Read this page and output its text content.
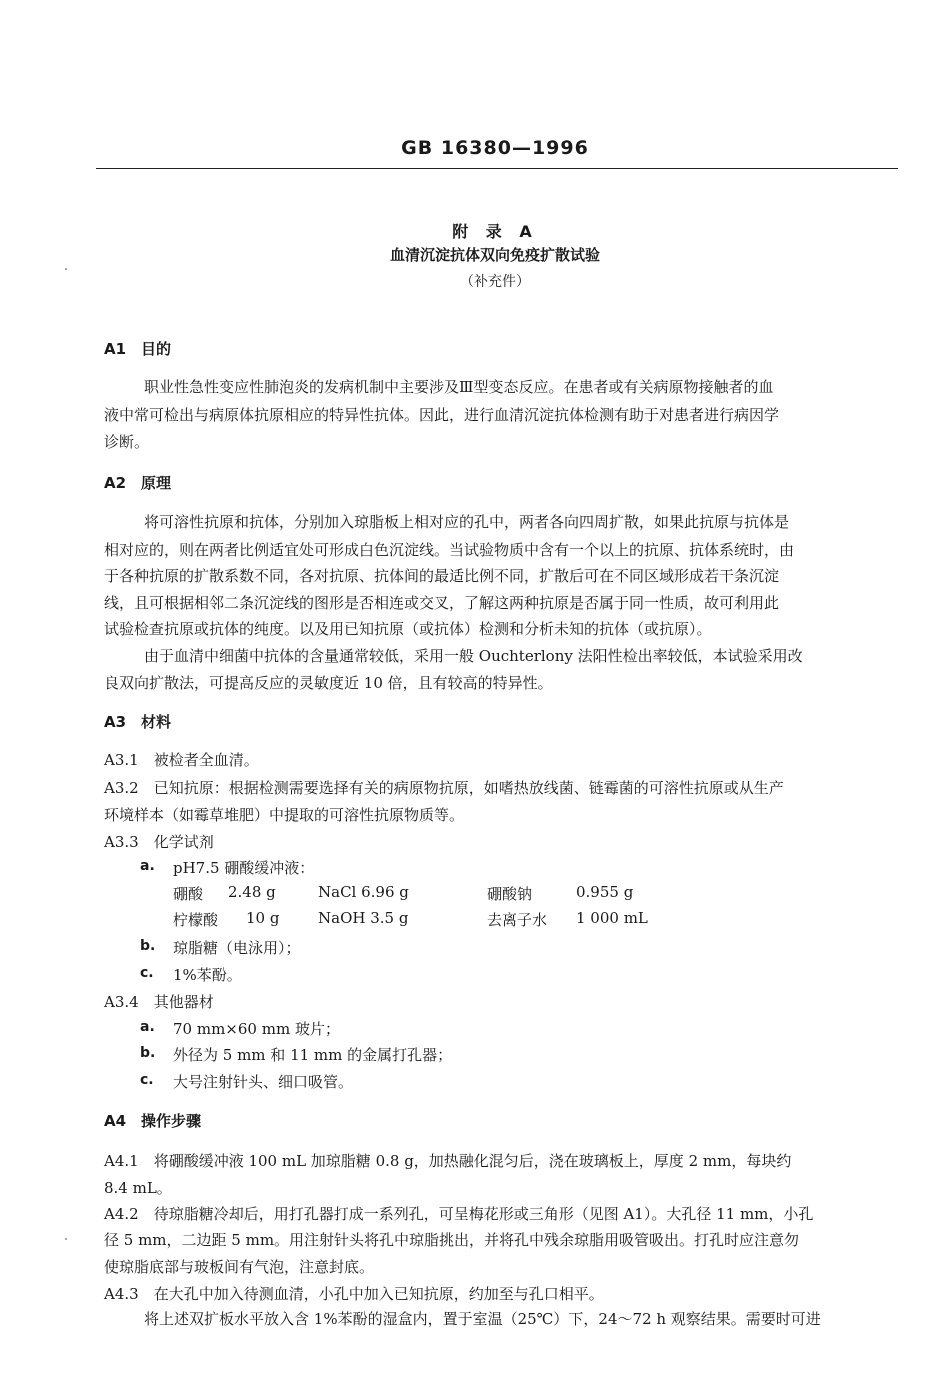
GB 16380—1996
附 录 A
血清沉淀抗体双向免疫扩散试验
（补充件）
A1　目的
职业性急性变应性肺泡炎的发病机制中主要涉及Ⅲ型变态反应。在患者或有关病原物接触者的血
液中常可检出与病原体抗原相应的特异性抗体。因此，进行血清沉淀抗体检测有助于对患者进行病因学
诊断。
A2　原理
将可溶性抗原和抗体，分别加入琼脂板上相对应的孔中，两者各向四周扩散，如果此抗原与抗体是
相对应的，则在两者比例适宜处可形成白色沉淀线。当试验物质中含有一个以上的抗原、抗体系统时，由
于各种抗原的扩散系数不同，各对抗原、抗体间的最适比例不同，扩散后可在不同区域形成若干条沉淀
线，且可根据相邻二条沉淀线的图形是否相连或交叉，了解这两种抗原是否属于同一性质，故可利用此
试验检查抗原或抗体的纯度。以及用已知抗原（或抗体）检测和分析未知的抗体（或抗原）。
由于血清中细菌中抗体的含量通常较低，采用一般 Ouchterlony 法阳性检出率较低，本试验采用改
良双向扩散法，可提高反应的灵敏度近 10 倍，且有较高的特异性。
A3　材料
A3.1　被检者全血清。
A3.2　已知抗原：根据检测需要选择有关的病原物抗原，如嗜热放线菌、链霉菌的可溶性抗原或从生产
环境样本（如霉草堆肥）中提取的可溶性抗原物质等。
A3.3　化学试剂
a. pH7.5 硼酸缓冲液：
硼酸 2.48 g	NaCl 6.96 g	硼酸钠	0.955 g
柠檬酸 10 g	NaOH 3.5 g	去离子水 1 000 mL
b. 琼脂糖（电泳用）；
c. 1%苯酚。
A3.4　其他器材
a. 70 mm×60 mm 玻片；
b. 外径为 5 mm 和 11 mm 的金属打孔器；
c. 大号注射针头、细口吸管。
A4　操作步骤
A4.1　将硼酸缓冲液 100 mL 加琼脂糖 0.8 g，加热融化混匀后，浇在玻璃板上，厚度 2 mm，每块约
8.4 mL。
A4.2　待琼脂糖冷却后，用打孔器打成一系列孔，可呈梅花形或三角形（见图 A1）。大孔径 11 mm，小孔
径 5 mm，二边距 5 mm。用注射针头将孔中琼脂挑出，并将孔中残余琼脂用吸管吸出。打孔时应注意勿
使琼脂底部与玻板间有气泡，注意封底。
A4.3　在大孔中加入待测血清，小孔中加入已知抗原，约加至与孔口相平。
将上述双扩板水平放入含 1%苯酚的湿盒内，置于室温（25℃）下，24～72 h 观察结果。需要时可进
